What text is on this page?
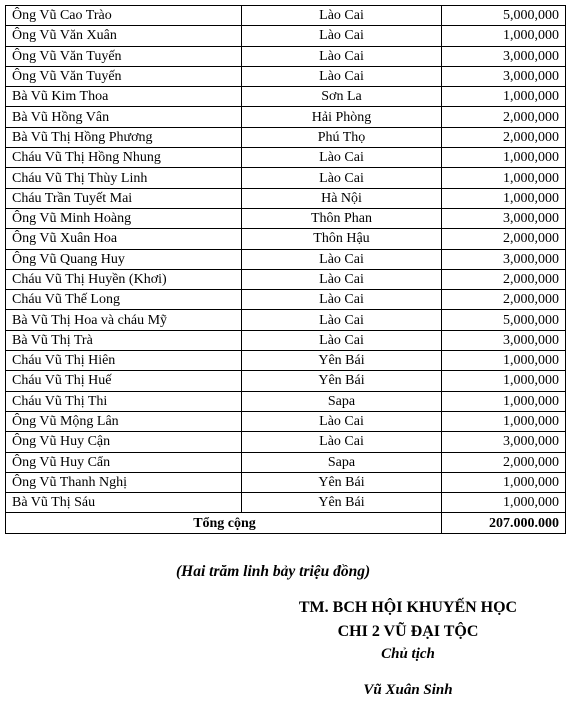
Ông Vũ Cao Trào	Lào Cai	5,000,000
Ông Vũ Văn Xuân	Lào Cai	1,000,000
Ông Vũ Văn Tuyến	Lào Cai	3,000,000
Ông Vũ Văn Tuyến	Lào Cai	3,000,000
Bà Vũ Kim Thoa	Sơn La	1,000,000
Bà Vũ Hồng Vân	Hải Phòng	2,000,000
Bà Vũ Thị Hồng Phương	Phú Thọ	2,000,000
Cháu Vũ Thị Hồng Nhung	Lào Cai	1,000,000
Cháu Vũ Thị Thùy Linh	Lào Cai	1,000,000
Cháu Trần Tuyết Mai	Hà Nội	1,000,000
Ông Vũ Minh Hoàng	Thôn Phan	3,000,000
Ông Vũ Xuân Hoa	Thôn Hậu	2,000,000
Ông Vũ Quang Huy	Lào Cai	3,000,000
Cháu Vũ Thị Huyền (Khơi)	Lào Cai	2,000,000
Cháu Vũ Thế Long	Lào Cai	2,000,000
Bà Vũ Thị Hoa và cháu Mỹ	Lào Cai	5,000,000
Bà Vũ Thị Trà	Lào Cai	3,000,000
Cháu Vũ Thị Hiên	Yên Bái	1,000,000
Cháu Vũ Thị Huế	Yên Bái	1,000,000
Cháu Vũ Thị Thi	Sapa	1,000,000
Ông Vũ Mộng Lân	Lào Cai	1,000,000
Ông Vũ Huy Cận	Lào Cai	3,000,000
Ông Vũ Huy Cẩn	Sapa	2,000,000
Ông Vũ Thanh Nghị	Yên Bái	1,000,000
Bà Vũ Thị Sáu	Yên Bái	1,000,000
Tổng cộng		207.000.000
(Hai trăm linh bảy triệu đồng)
TM. BCH HỘI KHUYẾN HỌC
CHI 2 VŨ ĐẠI TỘC
Chủ tịch
Vũ Xuân Sinh
